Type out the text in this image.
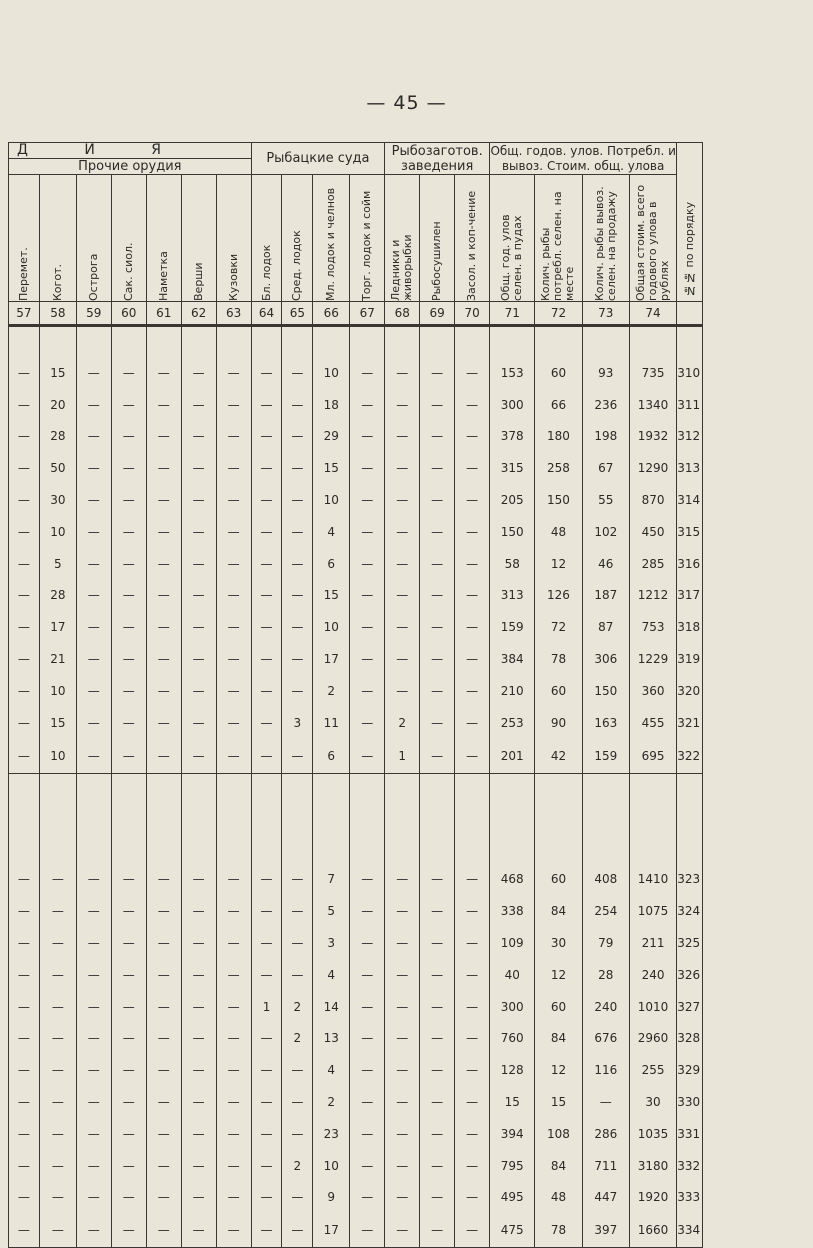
— 45 —
Д И Я							Рыбацкие суда				Рыбозаготов. заведения			Общ. годов. улов. Потребл. и вывоз. Стоим. общ. улова				№№ по порядку

Прочие орудия																		

Перемет.	Когот.	Острога	Сак. сиол.	Наметка	Верши	Кузовки	Бл. лодок	Сред. лодок	Мл. лодок и челнов	Торг. лодок и сойм	Ледники и живорыбки	Рыбосушилен	Засол. и коп-чение	Общ. год. улов селен. в пудах	Колич. рыбы потребл. селен. на месте	Колич. рыбы вывоз. селен. на продажу	Общая стоим. всего годового улова в рублях	

57	58	59	60	61	62	63	64	65	66	67	68	69	70	71	72	73	74	

—	15	—	—	—	—	—	—	—	10	—	—	—	—	153	60	93	735	310
—	20	—	—	—	—	—	—	—	18	—	—	—	—	300	66	236	1340	311
—	28	—	—	—	—	—	—	—	29	—	—	—	—	378	180	198	1932	312
—	50	—	—	—	—	—	—	—	15	—	—	—	—	315	258	67	1290	313
—	30	—	—	—	—	—	—	—	10	—	—	—	—	205	150	55	870	314
—	10	—	—	—	—	—	—	—	4	—	—	—	—	150	48	102	450	315
—	5	—	—	—	—	—	—	—	6	—	—	—	—	58	12	46	285	316
—	28	—	—	—	—	—	—	—	15	—	—	—	—	313	126	187	1212	317
—	17	—	—	—	—	—	—	—	10	—	—	—	—	159	72	87	753	318
—	21	—	—	—	—	—	—	—	17	—	—	—	—	384	78	306	1229	319
—	10	—	—	—	—	—	—	—	2	—	—	—	—	210	60	150	360	320
—	15	—	—	—	—	—	—	3	11	—	2	—	—	253	90	163	455	321
—	10	—	—	—	—	—	—	—	6	—	1	—	—	201	42	159	695	322

—	—	—	—	—	—	—	—	—	7	—	—	—	—	468	60	408	1410	323
—	—	—	—	—	—	—	—	—	5	—	—	—	—	338	84	254	1075	324
—	—	—	—	—	—	—	—	—	3	—	—	—	—	109	30	79	211	325
—	—	—	—	—	—	—	—	—	4	—	—	—	—	40	12	28	240	326
—	—	—	—	—	—	—	1	2	14	—	—	—	—	300	60	240	1010	327
—	—	—	—	—	—	—	—	2	13	—	—	—	—	760	84	676	2960	328
—	—	—	—	—	—	—	—	—	4	—	—	—	—	128	12	116	255	329
—	—	—	—	—	—	—	—	—	2	—	—	—	—	15	15	—	30	330
—	—	—	—	—	—	—	—	—	23	—	—	—	—	394	108	286	1035	331
—	—	—	—	—	—	—	—	2	10	—	—	—	—	795	84	711	3180	332
—	—	—	—	—	—	—	—	—	9	—	—	—	—	495	48	447	1920	333
—	—	—	—	—	—	—	—	—	17	—	—	—	—	475	78	397	1660	334
